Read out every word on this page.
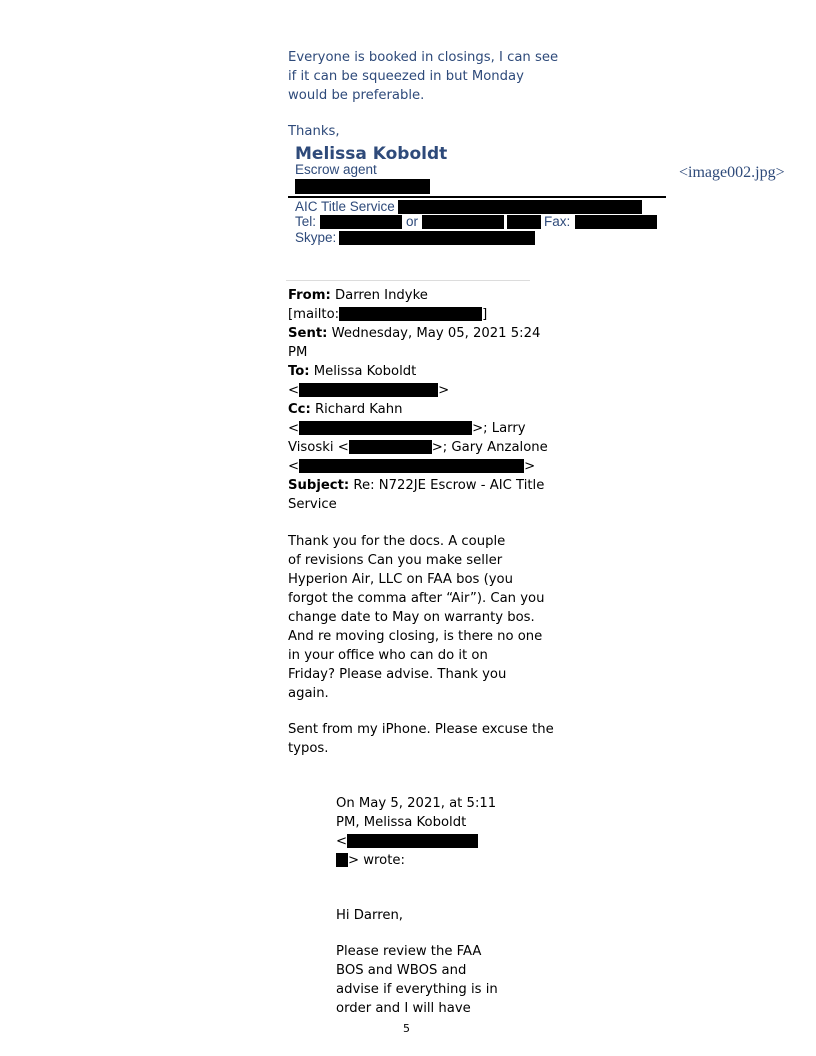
Everyone is booked in closings, I can see
if it can be squeezed in but Monday
would be preferable.
Thanks,
Melissa Koboldt
Escrow agent
AIC Title Service
Tel:	or	Fax:
Skype:
<image002.jpg>
From: Darren Indyke
[mailto:	]
Sent: Wednesday, May 05, 2021 5:24
PM
To: Melissa Koboldt
<	>
Cc: Richard Kahn
<	>; Larry
Visoski <	>; Gary Anzalone
<	>
Subject: Re: N722JE Escrow - AIC Title
Service
Thank you for the docs. A couple
of revisions Can you make seller
Hyperion Air, LLC on FAA bos (you
forgot the comma after “Air”). Can you
change date to May on warranty bos.
And re moving closing, is there no one
in your office who can do it on
Friday? Please advise. Thank you
again.
Sent from my iPhone. Please excuse the
typos.
On May 5, 2021, at 5:11
PM, Melissa Koboldt
<
> wrote:
Hi Darren,
Please review the FAA
BOS and WBOS and
advise if everything is in
order and I will have
5
